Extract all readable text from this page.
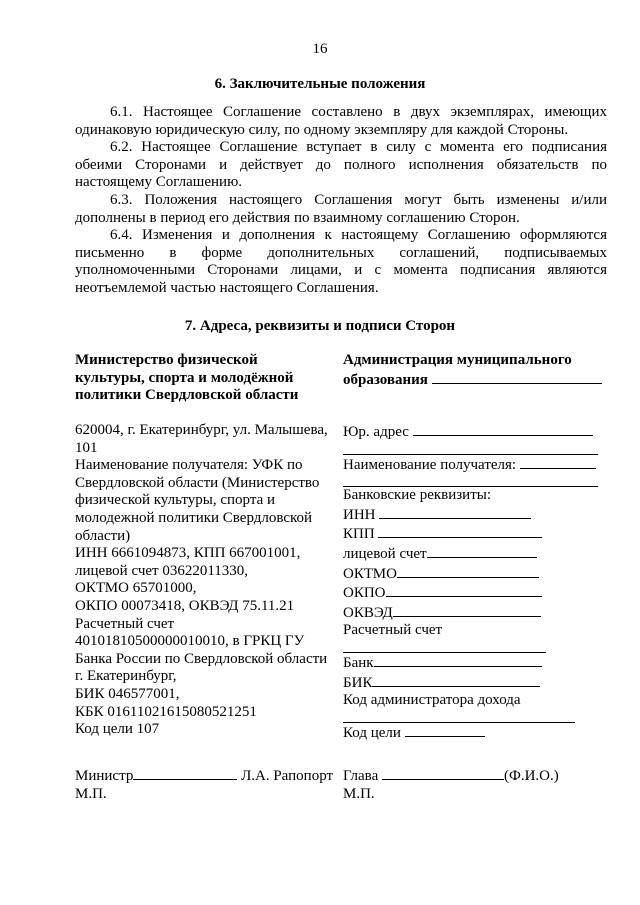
16
6. Заключительные положения
6.1. Настоящее Соглашение составлено в двух экземплярах, имеющих одинаковую юридическую силу, по одному экземпляру для каждой Стороны.
6.2. Настоящее Соглашение вступает в силу с момента его подписания обеими Сторонами и действует до полного исполнения обязательств по настоящему Соглашению.
6.3. Положения настоящего Соглашения могут быть изменены и/или дополнены в период его действия по взаимному соглашению Сторон.
6.4. Изменения и дополнения к настоящему Соглашению оформляются письменно в форме дополнительных соглашений, подписываемых уполномоченными Сторонами лицами, и с момента подписания являются неотъемлемой частью настоящего Соглашения.
7. Адреса, реквизиты и подписи Сторон
Министерство физической
культуры, спорта и молодёжной
политики Свердловской области
620004, г. Екатеринбург, ул. Малышева,
101
Наименование получателя: УФК по
Свердловской области (Министерство
физической культуры, спорта и
молодежной политики Свердловской
области)
ИНН 6661094873, КПП 667001001,
лицевой счет 03622011330,
ОКТМО 65701000,
ОКПО 00073418, ОКВЭД 75.11.21
Расчетный счет
40101810500000010010, в ГРКЦ ГУ
Банка России по Свердловской области
г. Екатеринбург,
БИК 046577001,
КБК 01611021615080521251
Код цели 107
Министр	Л.А. Рапопорт
М.П.
Администрация муниципального
образования
Юр. адрес
Наименование получателя:
Банковские реквизиты:
ИНН
КПП
лицевой счет
ОКТМО
ОКПО
ОКВЭД
Расчетный счет
Банк
БИК
Код администратора дохода
Код цели
Глава	(Ф.И.О.)
М.П.
